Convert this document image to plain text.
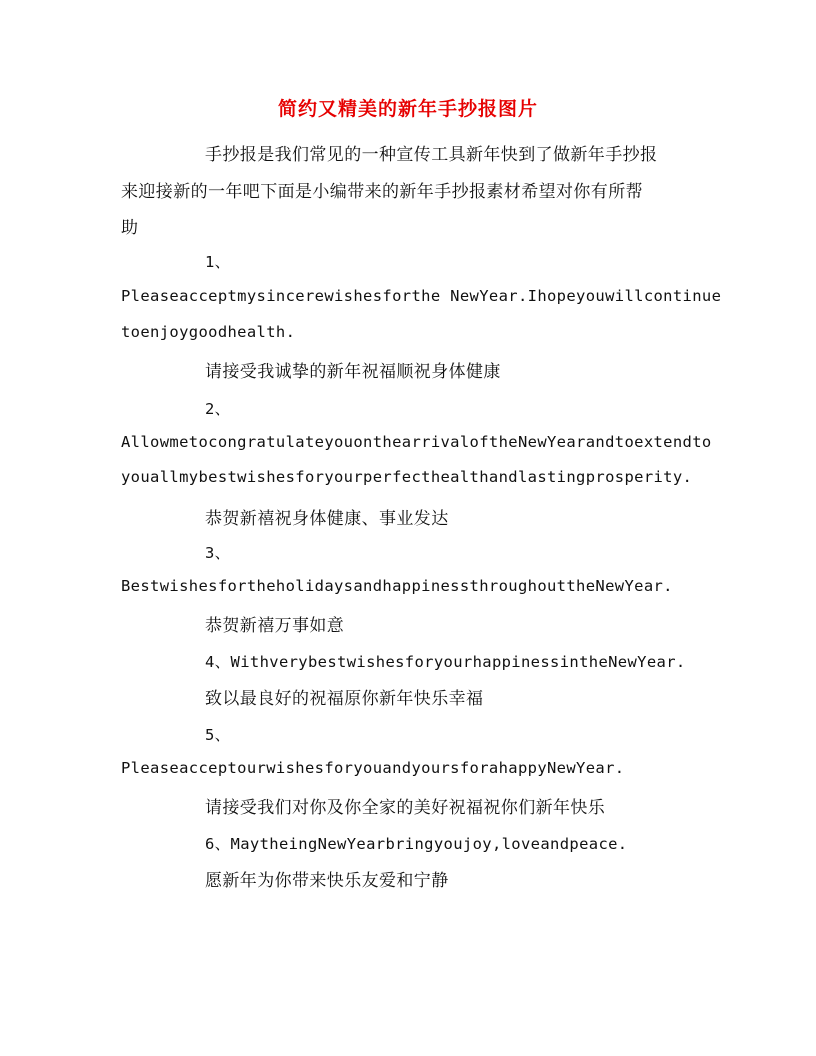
简约又精美的新年手抄报图片
手抄报是我们常见的一种宣传工具新年快到了做新年手抄报
来迎接新的一年吧下面是小编带来的新年手抄报素材希望对你有所帮
助
1、
Pleaseacceptmysincerewishesforthe NewYear.Ihopeyouwillcontinue
toenjoygoodhealth.
请接受我诚挚的新年祝福顺祝身体健康
2、
AllowmetocongratulateyouonthearrivaloftheNewYearandtoextendto
youallmybestwishesforyourperfecthealthandlastingprosperity.
恭贺新禧祝身体健康、事业发达
3、
BestwishesfortheholidaysandhappinessthroughouttheNewYear.
恭贺新禧万事如意
4、WithverybestwishesforyourhappinessintheNewYear.
致以最良好的祝福原你新年快乐幸福
5、
PleaseacceptourwishesforyouandyoursforahappyNewYear.
请接受我们对你及你全家的美好祝福祝你们新年快乐
6、MaytheingNewYearbringyoujoy,loveandpeace.
愿新年为你带来快乐友爱和宁静
